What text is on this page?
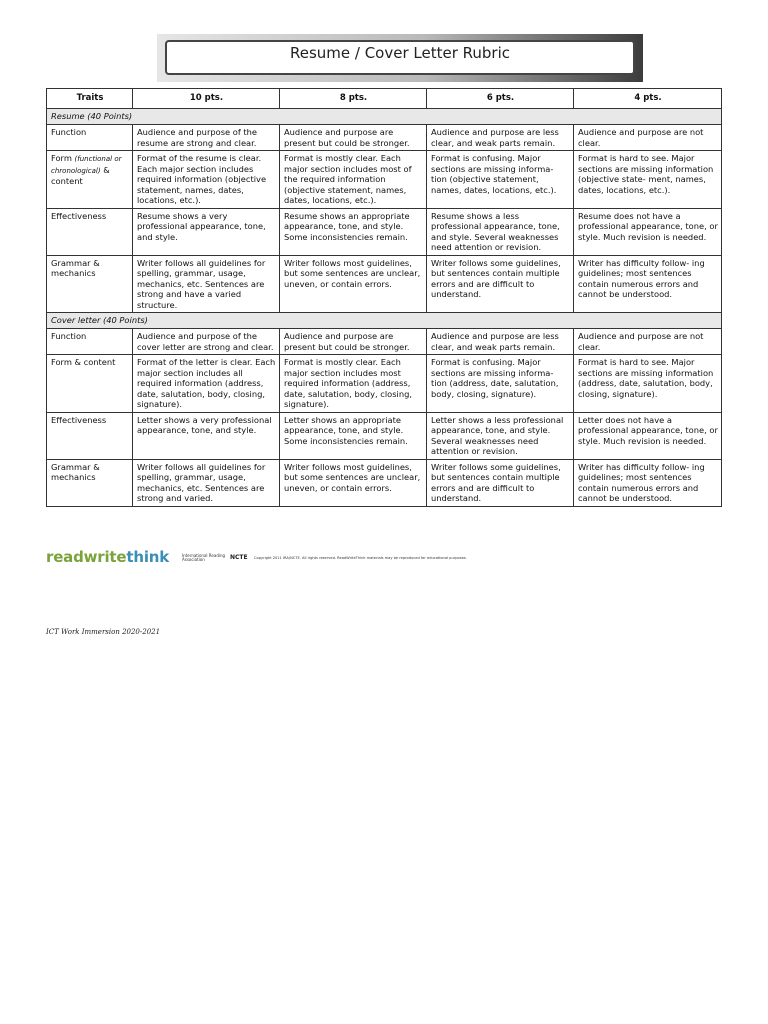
Resume / Cover Letter Rubric
Traits	10 pts.	8 pts.	6 pts.	4 pts.
Resume (40 Points)				
Function	Audience and purpose of the resume are strong and clear.	Audience and purpose are present but could be stronger.	Audience and purpose are less clear, and weak parts remain.	Audience and purpose are not clear.
Form (functional or chronological) & content	Format of the resume is clear. Each major section includes required information (objective statement, names, dates, locations, etc.).	Format is mostly clear. Each major section includes most of the required information (objective statement, names, dates, locations, etc.).	Format is confusing. Major sections are missing informa- tion (objective statement, names, dates, locations, etc.).	Format is hard to see. Major sections are missing information (objective state- ment, names, dates, locations, etc.).
Effectiveness	Resume shows a very professional appearance, tone, and style.	Resume shows an appropriate appearance, tone, and style. Some inconsistencies remain.	Resume shows a less professional appearance, tone, and style. Several weaknesses need attention or revision.	Resume does not have a professional appearance, tone, or style. Much revision is needed.
Grammar & mechanics	Writer follows all guidelines for spelling, grammar, usage, mechanics, etc. Sentences are strong and have a varied structure.	Writer follows most guidelines, but some sentences are unclear, uneven, or contain errors.	Writer follows some guidelines, but sentences contain multiple errors and are difficult to understand.	Writer has difficulty follow- ing guidelines; most sentences contain numerous errors and cannot be understood.
Cover letter (40 Points)				
Function	Audience and purpose of the cover letter are strong and clear.	Audience and purpose are present but could be stronger.	Audience and purpose are less clear, and weak parts remain.	Audience and purpose are not clear.
Form & content	Format of the letter is clear. Each major section includes all required information (address, date, salutation, body, closing, signature).	Format is mostly clear. Each major section includes most required information (address, date, salutation, body, closing, signature).	Format is confusing. Major sections are missing informa- tion (address, date, salutation, body, closing, signature).	Format is hard to see. Major sections are missing information (address, date, salutation, body, closing, signature).
Effectiveness	Letter shows a very professional appearance, tone, and style.	Letter shows an appropriate appearance, tone, and style. Some inconsistencies remain.	Letter shows a less professional appearance, tone, and style. Several weaknesses need attention or revision.	Letter does not have a professional appearance, tone, or style. Much revision is needed.
Grammar & mechanics	Writer follows all guidelines for spelling, grammar, usage, mechanics, etc. Sentences are strong and varied.	Writer follows most guidelines, but some sentences are unclear, uneven, or contain errors.	Writer follows some guidelines, but sentences contain multiple errors and are difficult to understand.	Writer has difficulty follow- ing guidelines; most sentences contain numerous errors and cannot be understood.
readwritethink	International Reading Association	NCTE Copyright 2011 IRA/NCTE. All rights reserved. ReadWriteThink materials may be reproduced for educational purposes.
ICT Work Immersion 2020-2021
